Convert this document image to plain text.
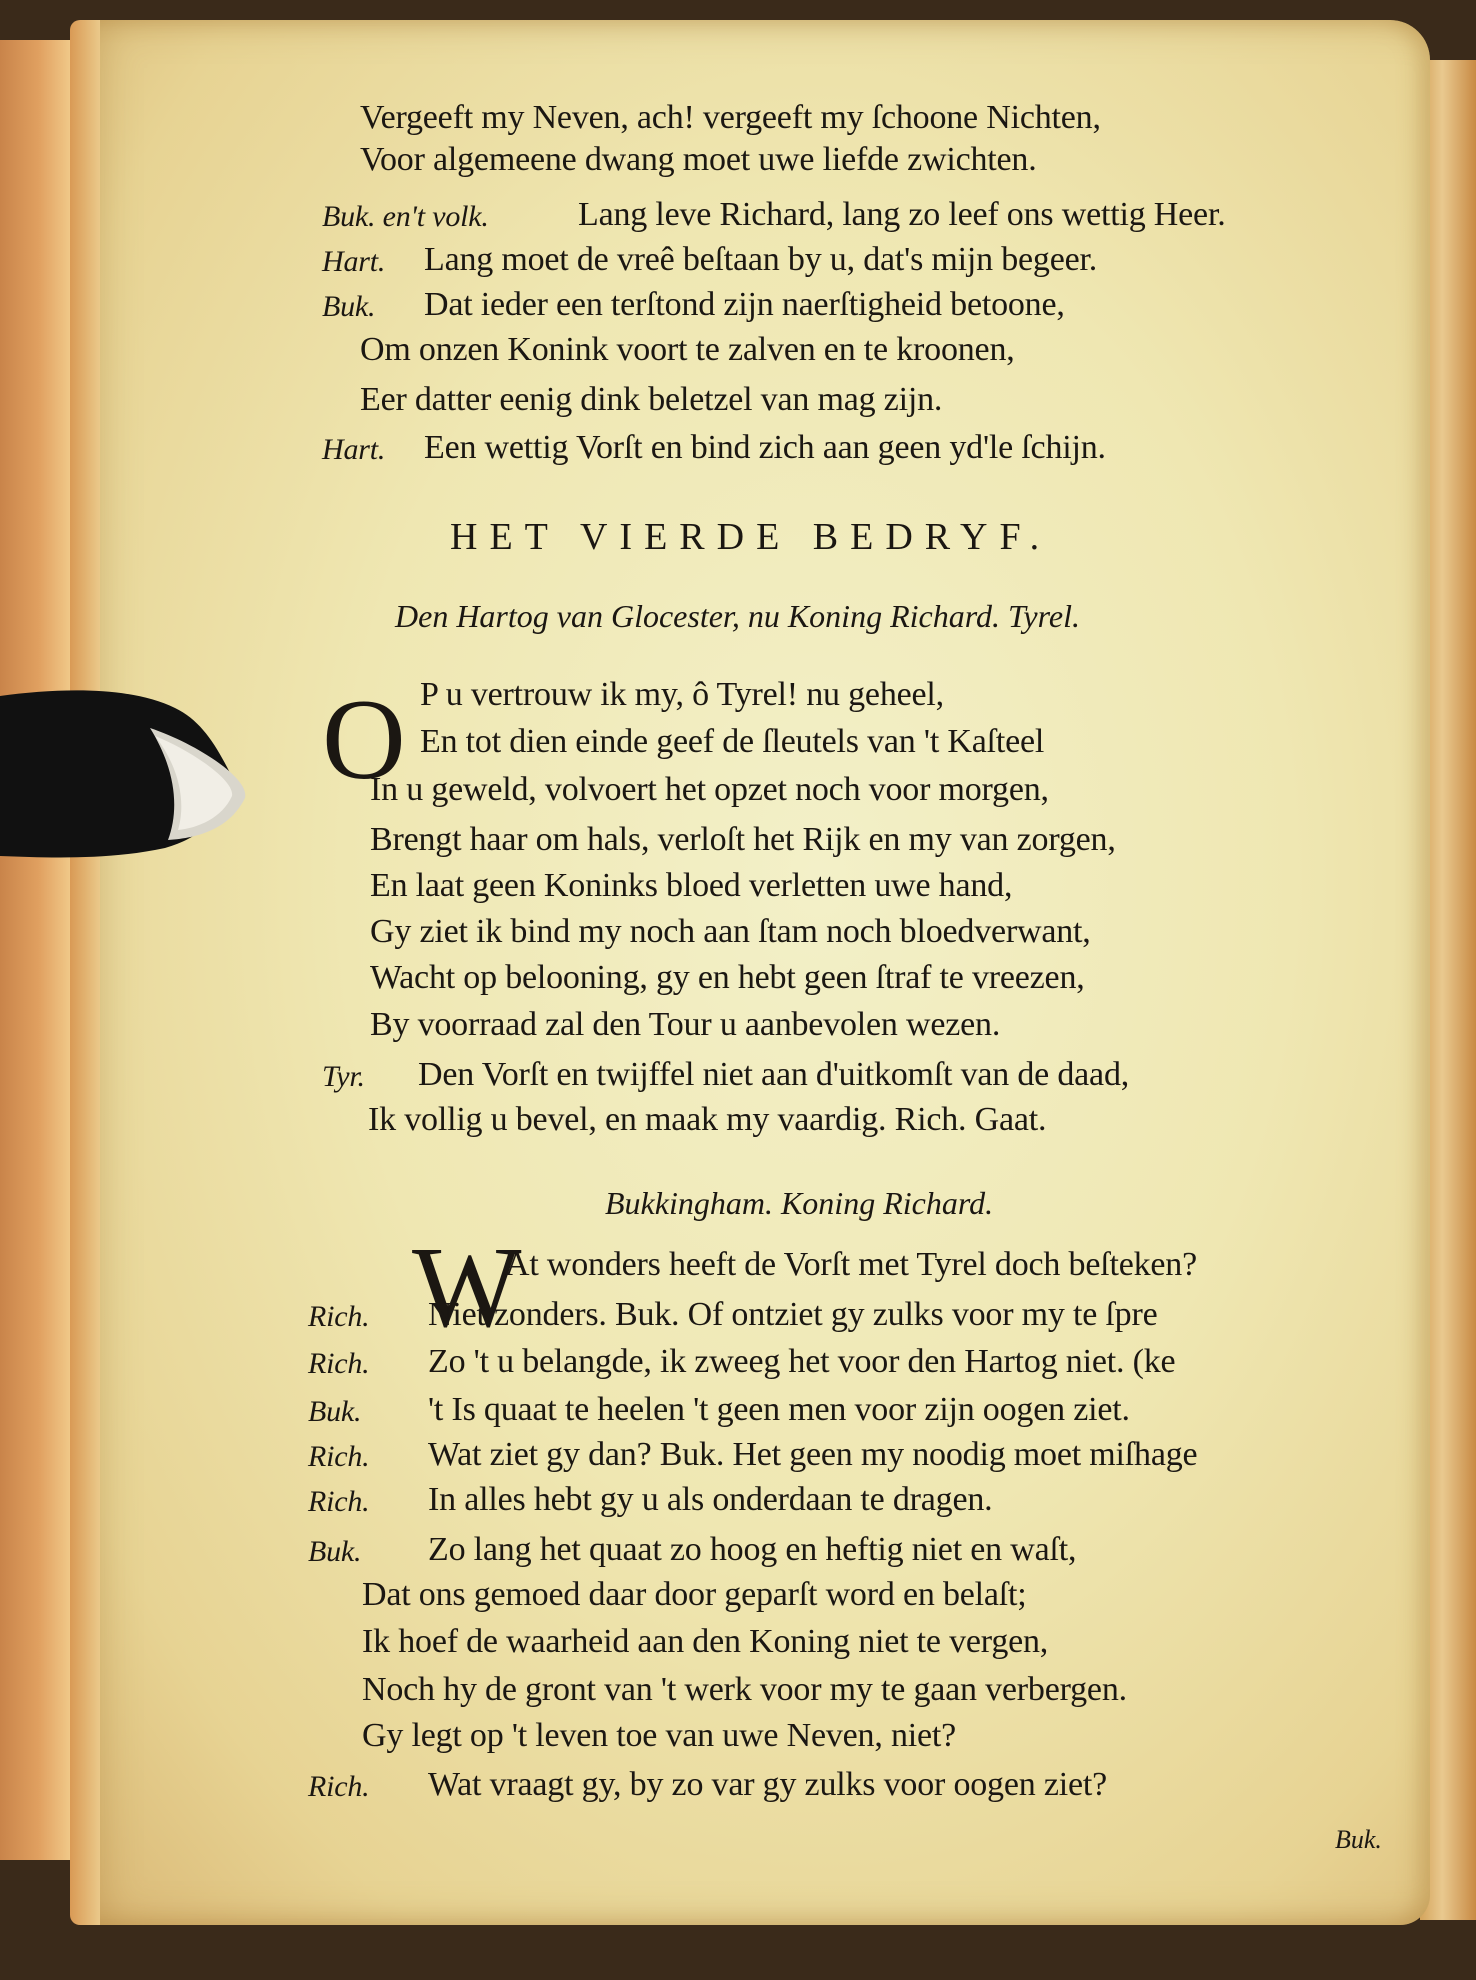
Vergeeft my Neven, ach! vergeeft my ſchoone Nichten,
Voor algemeene dwang moet uwe liefde zwichten.
Buk. en't volk.	Lang leve Richard, lang zo leef ons wettig Heer.
Hart. Lang moet de vreê beſtaan by u, dat's mijn begeer.
Buk. Dat ieder een terſtond zijn naerſtigheid betoone,
Om onzen Konink voort te zalven en te kroonen,
Eer datter eenig dink beletzel van mag zijn.
Hart. Een wettig Vorſt en bind zich aan geen yd'le ſchijn.
HET VIERDE BEDRYF.
Den Hartog van Glocester, nu Koning Richard. Tyrel.
O P u vertrouw ik my, ô Tyrel! nu geheel,
En tot dien einde geef de ſleutels van 't Kaſteel
In u geweld, volvoert het opzet noch voor morgen,
Brengt haar om hals, verloſt het Rijk en my van zorgen,
En laat geen Koninks bloed verletten uwe hand,
Gy ziet ik bind my noch aan ſtam noch bloedverwant,
Wacht op belooning, gy en hebt geen ſtraf te vreezen,
By voorraad zal den Tour u aanbevolen wezen.
Tyr. Den Vorſt en twijffel niet aan d'uitkomſt van de daad,
Ik vollig u bevel, en maak my vaardig. Rich. Gaat.
Bukkingham. Koning Richard.
W
At wonders heeft de Vorſt met Tyrel doch beſteken?
Rich. Niet zonders. Buk. Of ontziet gy zulks voor my te ſpre
Rich. Zo 't u belangde, ik zweeg het voor den Hartog niet. (ke
Buk. 't Is quaat te heelen 't geen men voor zijn oogen ziet.
Rich. Wat ziet gy dan? Buk. Het geen my noodig moet miſhage
Rich. In alles hebt gy u als onderdaan te dragen.
Buk. Zo lang het quaat zo hoog en heftig niet en waſt,
Dat ons gemoed daar door geparſt word en belaſt;
Ik hoef de waarheid aan den Koning niet te vergen,
Noch hy de gront van 't werk voor my te gaan verbergen.
Gy legt op 't leven toe van uwe Neven, niet?
Rich. Wat vraagt gy, by zo var gy zulks voor oogen ziet?
Buk.
